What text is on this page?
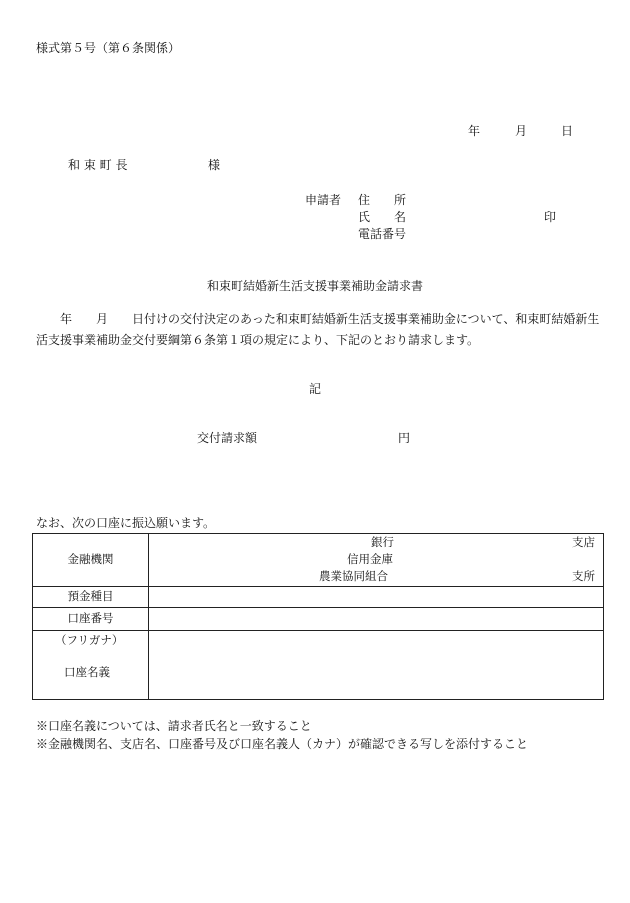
様式第５号（第６条関係）
年	月	日
和 束 町 長	様
申請者 住　　所
氏　　名	印
電話番号
和束町結婚新生活支援事業補助金請求書
　　年　　月　　日付けの交付決定のあった和束町結婚新生活支援事業補助金について、和束町結婚新生活支援事業補助金交付要綱第６条第１項の規定により、下記のとおり請求します。
記
交付請求額	円
なお、次の口座に振込願います。
金融機関	銀行 支店
信用金庫
農業協同組合 支所

預金種目	
口座番号	

（フリガナ）
口座名義	

※口座名義については、請求者氏名と一致すること
※金融機関名、支店名、口座番号及び口座名義人（カナ）が確認できる写しを添付すること
